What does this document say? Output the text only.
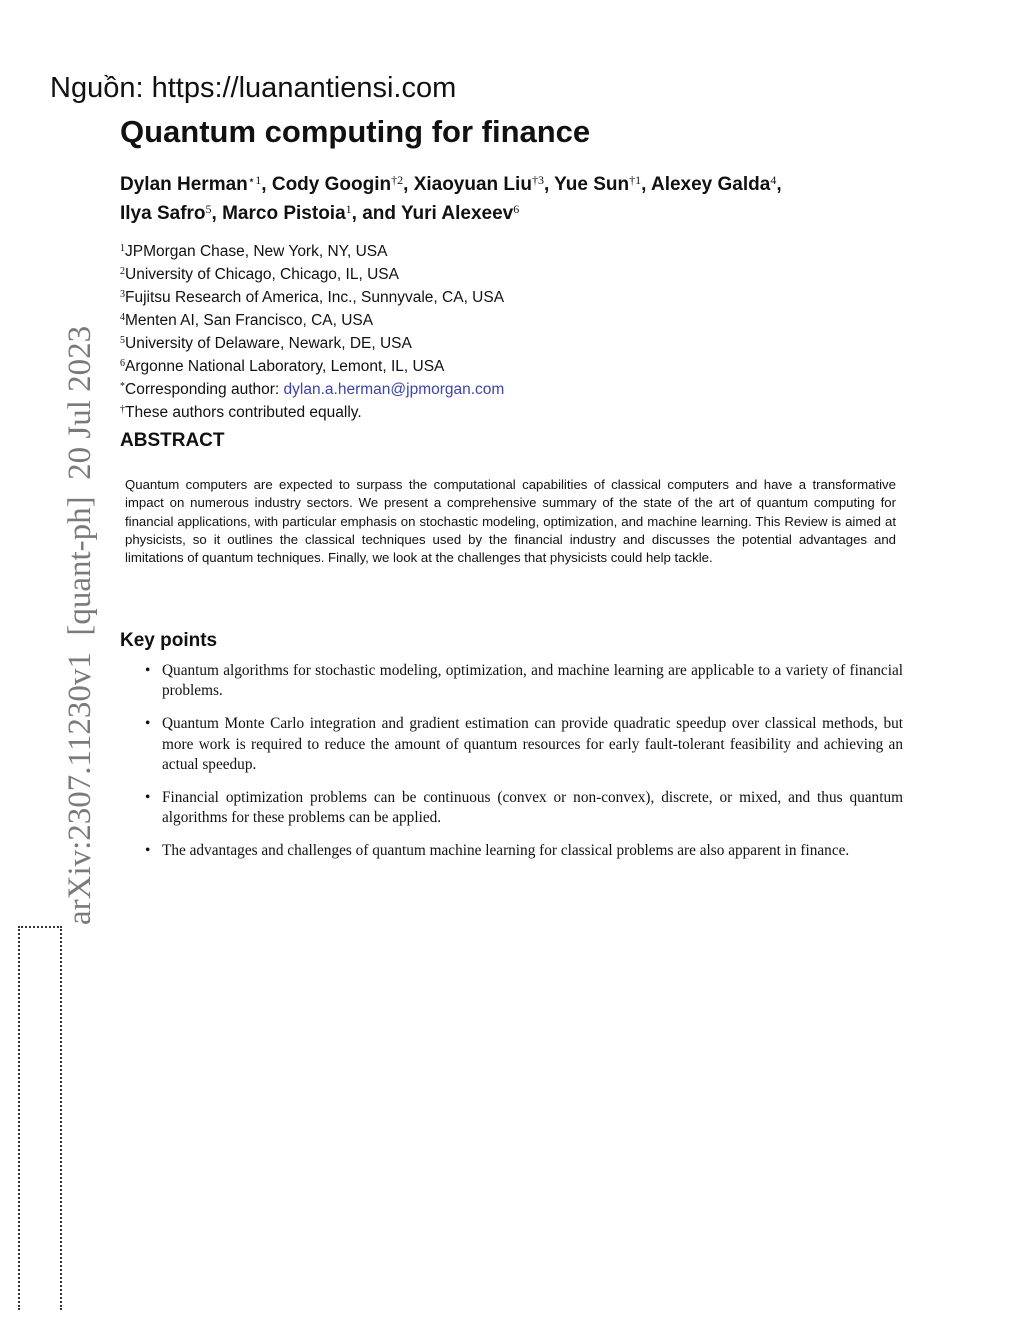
Nguồn: https://luanantiensi.com
arXiv:2307.11230v1  [quant-ph]  20 Jul 2023
Quantum computing for finance
Dylan Herman$^{⋆1}$, Cody Googin$^{\dagger 2}$, Xiaoyuan Liu$^{\dagger 3}$, Yue Sun$^{\dagger 1}$, Alexey Galda$^4$,
Ilya Safro$^5$, Marco Pistoia$^1$, and Yuri Alexeev$^6$
$^1$JPMorgan Chase, New York, NY, USA
$^2$University of Chicago, Chicago, IL, USA
$^3$Fujitsu Research of America, Inc., Sunnyvale, CA, USA
$^4$Menten AI, San Francisco, CA, USA
$^5$University of Delaware, Newark, DE, USA
$^6$Argonne National Laboratory, Lemont, IL, USA
*Corresponding author: dylan.a.herman@jpmorgan.com
†These authors contributed equally.
ABSTRACT
Quantum computers are expected to surpass the computational capabilities of classical computers and have a transformative impact on numerous industry sectors. We present a comprehensive summary of the state of the art of quantum computing for financial applications, with particular emphasis on stochastic modeling, optimization, and machine learning. This Review is aimed at physicists, so it outlines the classical techniques used by the financial industry and discusses the potential advantages and limitations of quantum techniques. Finally, we look at the challenges that physicists could help tackle.
Key points
• Quantum algorithms for stochastic modeling, optimization, and machine learning are applicable to a variety of financial problems.
• Quantum Monte Carlo integration and gradient estimation can provide quadratic speedup over classical methods, but more work is required to reduce the amount of quantum resources for early fault-tolerant feasibility and achieving an actual speedup.
• Financial optimization problems can be continuous (convex or non-convex), discrete, or mixed, and thus quantum algorithms for these problems can be applied.
• The advantages and challenges of quantum machine learning for classical problems are also apparent in finance.
